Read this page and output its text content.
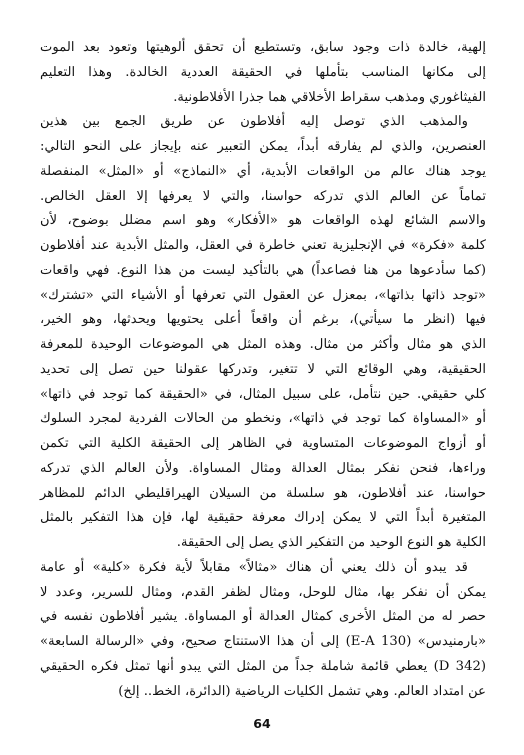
إلهية، خالدة ذات وجود سابق، وتستطيع أن تحقق ألوهيتها وتعود بعد الموت
إلى مكانها المناسب بتأملها في الحقيقة العددية الخالدة. وهذا التعليم
الفيثاغوري ومذهب سقراط الأخلاقي هما جذرا الأفلاطونية.

والمذهب الذي توصل إليه أفلاطون عن طريق الجمع بين هذين
العنصرين، والذي لم يفارقه أبداً، يمكن التعبير عنه بإيجاز على النحو التالي:
يوجد هناك عالم من الواقعات الأبدية، أي «النماذج» أو «المثل» المنفصلة
تماماً عن العالم الذي تدركه حواسنا، والتي لا يعرفها إلا العقل الخالص.
والاسم الشائع لهذه الواقعات هو «الأفكار» وهو اسم مضلل بوضوح، لأن
كلمة «فكرة» في الإنجليزية تعني خاطرة في العقل، والمثل الأبدية عند أفلاطون
(كما سأدعوها من هنا فصاعداً) هي بالتأكيد ليست من هذا النوع. فهي واقعات
«توجد ذاتها بذاتها»، بمعزل عن العقول التي تعرفها أو الأشياء التي «تشترك»
فيها (انظر ما سيأتي)، برغم أن واقعاً أعلى يحتويها ويحدثها، وهو الخير،
الذي هو مثال وأكثر من مثال. وهذه المثل هي الموضوعات الوحيدة للمعرفة
الحقيقية، وهي الوقائع التي لا تتغير، وتدركها عقولنا حين تصل إلى تحديد
كلي حقيقي. حين نتأمل، على سبيل المثال، في «الحقيقة كما توجد في ذاتها»
أو «المساواة كما توجد في ذاتها»، ونخطو من الحالات الفردية لمجرد السلوك
أو أزواج الموضوعات المتساوية في الظاهر إلى الحقيقة الكلية التي تكمن
وراءها، فنحن نفكر بمثال العدالة ومثال المساواة. ولأن العالم الذي تدركه
حواسنا، عند أفلاطون، هو سلسلة من السيلان الهيراقليطي الدائم للمظاهر
المتغيرة أبداً التي لا يمكن إدراك معرفة حقيقية لها، فإن هذا التفكير بالمثل
الكلية هو النوع الوحيد من التفكير الذي يصل إلى الحقيقة.

قد يبدو أن ذلك يعني أن هناك «مثالاً» مقابلاً لأية فكرة «كلية» أو عامة
يمكن أن نفكر بها، مثال للوحل، ومثال لظفر القدم، ومثال للسرير، وعدد لا
حصر له من المثل الأخرى كمثال العدالة أو المساواة. يشير أفلاطون نفسه في
«بارمنيدس» (E-A 130) إلى أن هذا الاستنتاج صحيح، وفي «الرسالة السابعة»
(D 342) يعطي قائمة شاملة جداً من المثل التي يبدو أنها تمثل فكره الحقيقي
عن امتداد العالم. وهي تشمل الكليات الرياضية (الدائرة، الخط.. إلخ)

64
